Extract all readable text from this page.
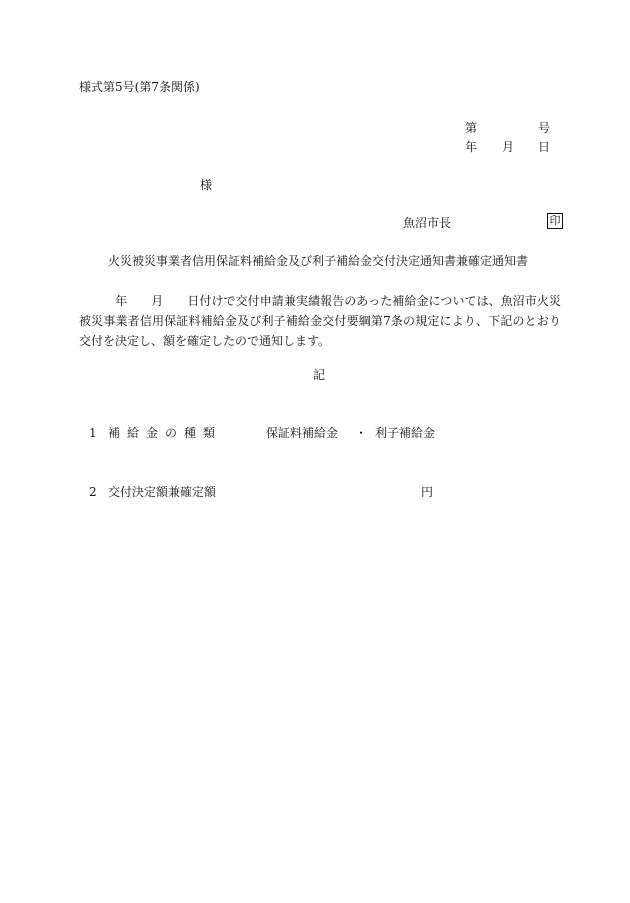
様式第5号(第7条関係)
第	号
年 月 日
様
魚沼市長	印
火災被災事業者信用保証料補給金及び利子補給金交付決定通知書兼確定通知書
年 月 日付けで交付申請兼実績報告のあった補給金については、魚沼市火災被災事業者信用保証料補給金及び利子補給金交付要綱第7条の規定により、下記のとおり交付を決定し、額を確定したので通知します。
記
1 補給金の種類	保証料補給金 ・ 利子補給金
2 交付決定額兼確定額	円
